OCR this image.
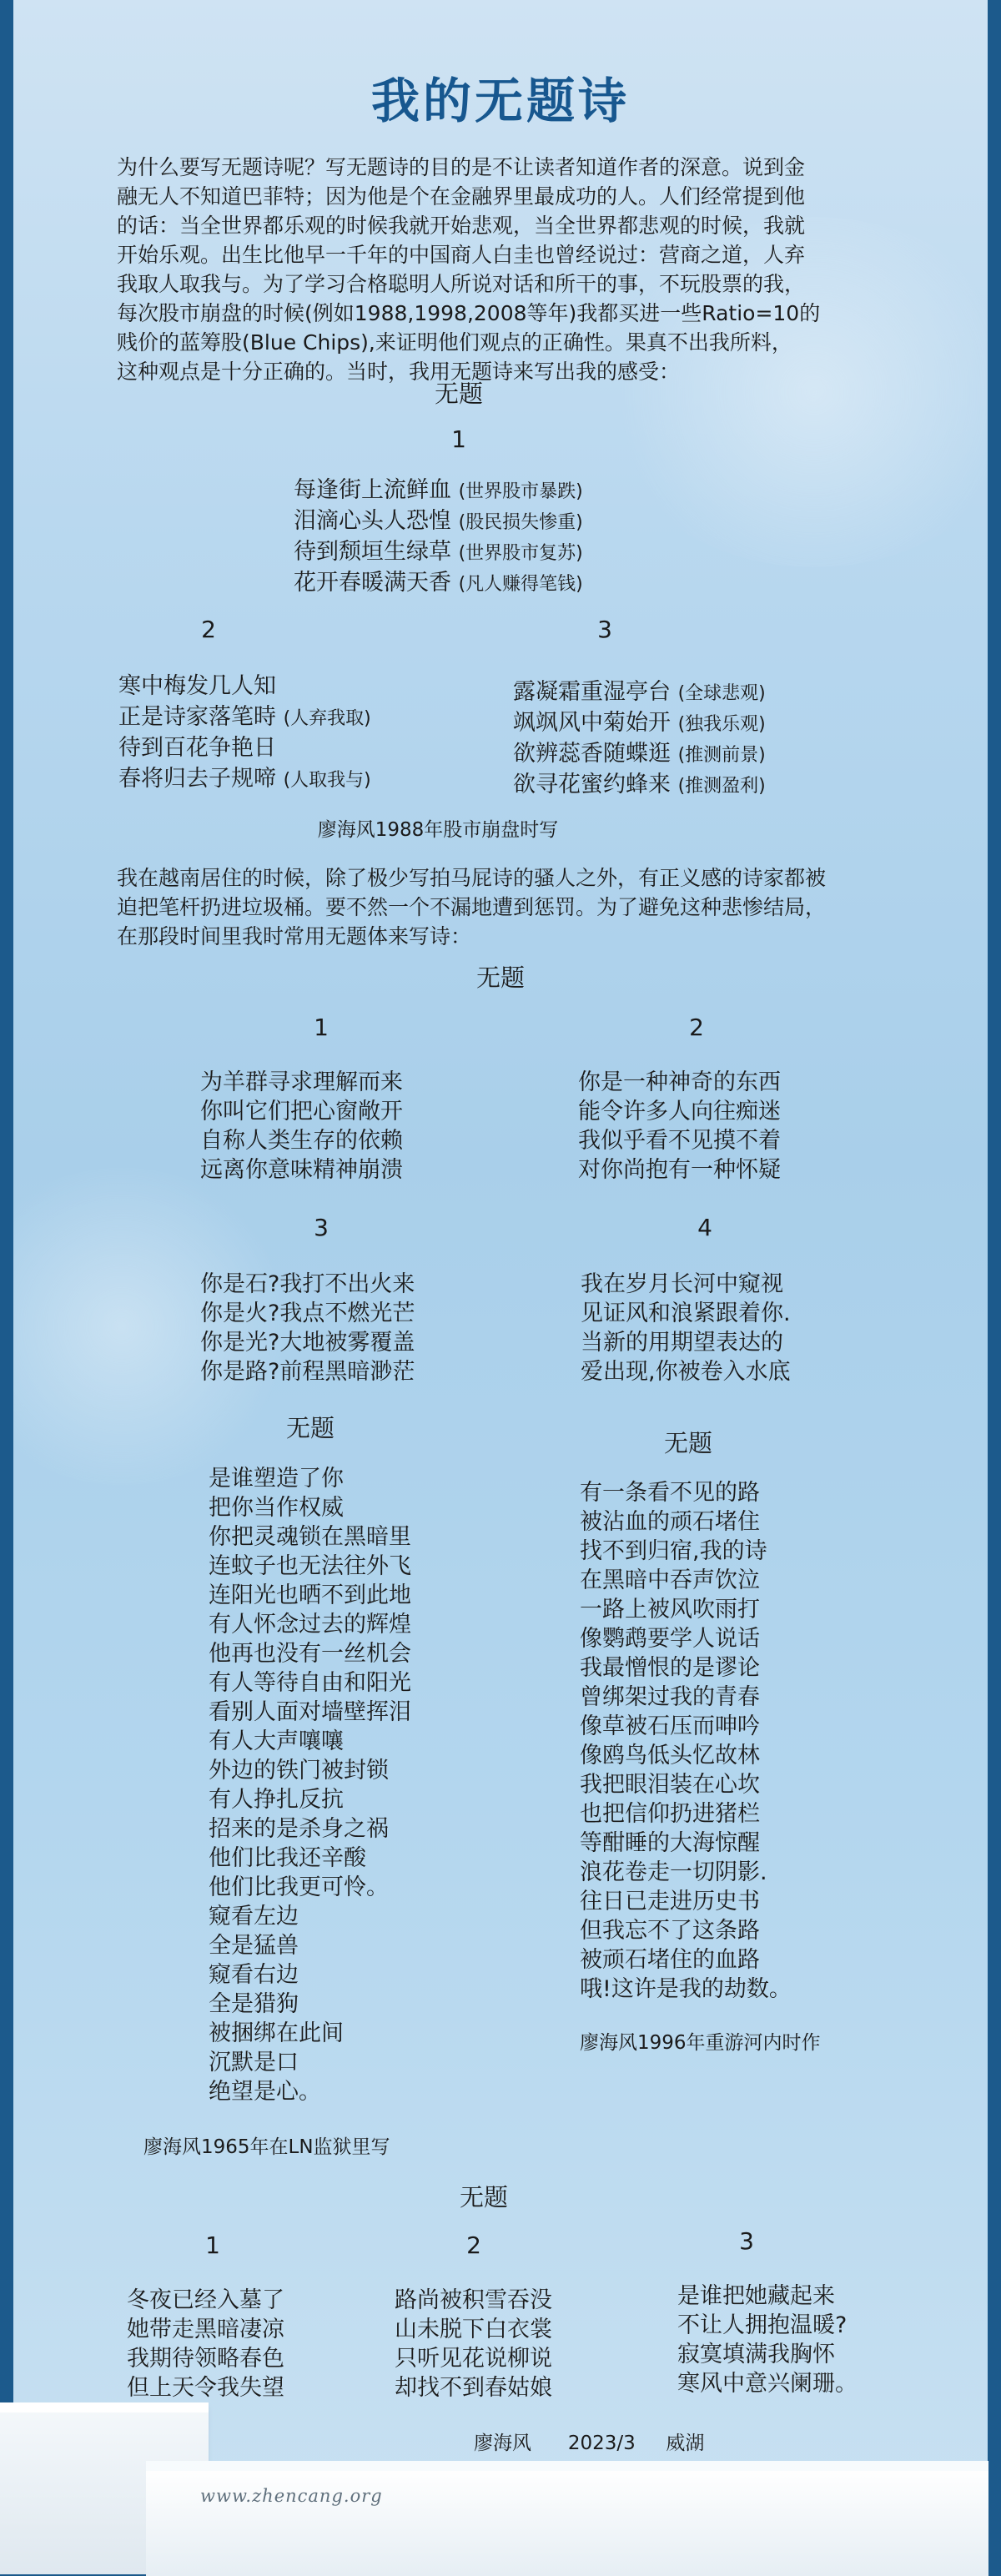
我的无题诗
为什么要写无题诗呢？写无题诗的目的是不让读者知道作者的深意。说到金
融无人不知道巴菲特；因为他是个在金融界里最成功的人。人们经常提到他
的话：当全世界都乐观的时候我就开始悲观，当全世界都悲观的时候，我就
开始乐观。出生比他早一千年的中国商人白圭也曾经说过：营商之道，人弃
我取人取我与。为了学习合格聪明人所说对话和所干的事，不玩股票的我，
每次股市崩盘的时候(例如1988,1998,2008等年)我都买进一些Ratio=10的
贱价的蓝筹股(Blue Chips),来证明他们观点的正确性。果真不出我所料，
这种观点是十分正确的。当时，我用无题诗来写出我的感受：
无题
1
每逢街上流鲜血 (世界股市暴跌)
泪滴心头人恐惶 (股民损失惨重)
待到颓垣生绿草 (世界股市复苏)
花开春暖满天香 (凡人赚得笔钱)
2	3
寒中梅发几人知
正是诗家落笔時 (人弃我取)
待到百花争艳日
春将归去子规啼 (人取我与)
露凝霜重湿亭台 (全球悲观)
飒飒风中菊始开 (独我乐观)
欲辨蕊香随蝶逛 (推测前景)
欲寻花蜜约蜂来 (推测盈利)
廖海风1988年股市崩盘时写
我在越南居住的时候，除了极少写拍马屁诗的骚人之外，有正义感的诗家都被
迫把笔杆扔进垃圾桶。要不然一个不漏地遭到惩罚。为了避免这种悲惨结局，
在那段时间里我时常用无题体来写诗：
无题
1	2
为羊群寻求理解而来
你叫它们把心窗敞开
自称人类生存的依赖
远离你意味精神崩溃
你是一种神奇的东西
能令许多人向往痴迷
我似乎看不见摸不着
对你尚抱有一种怀疑
3	4
你是石?我打不出火来
你是火?我点不燃光芒
你是光?大地被雾覆盖
你是路?前程黑暗渺茫
我在岁月长河中窥视
见证风和浪紧跟着你.
当新的用期望表达的
爱出现,你被卷入水底
无题
是谁塑造了你
把你当作权威
你把灵魂锁在黑暗里
连蚊子也无法往外飞
连阳光也晒不到此地
有人怀念过去的辉煌
他再也没有一丝机会
有人等待自由和阳光
看别人面对墙壁挥泪
有人大声嚷嚷
外边的铁门被封锁
有人挣扎反抗
招来的是杀身之祸
他们比我还辛酸
他们比我更可怜。
窥看左边
全是猛兽
窥看右边
全是猎狗
被捆绑在此间
沉默是口
绝望是心。
廖海风1965年在LN监狱里写
无题
有一条看不见的路
被沾血的顽石堵住
找不到归宿,我的诗
在黑暗中吞声饮泣
一路上被风吹雨打
像鹦鹉要学人说话
我最憎恨的是谬论
曾绑架过我的青春
像草被石压而呻吟
像鸥鸟低头忆故林
我把眼泪装在心坎
也把信仰扔进猪栏
等酣睡的大海惊醒
浪花卷走一切阴影.
往日已走进历史书
但我忘不了这条路
被顽石堵住的血路
哦!这许是我的劫数。
廖海风1996年重游河内时作
无题
1	2	3
冬夜已经入墓了
她带走黑暗凄凉
我期待领略春色
但上天令我失望
路尚被积雪吞没
山未脱下白衣裳
只听见花说柳说
却找不到春姑娘
是谁把她藏起来
不让人拥抱温暖?
寂寞填满我胸怀
寒风中意兴阑珊。
廖海风 2023/3 威湖
www.zhencang.org
